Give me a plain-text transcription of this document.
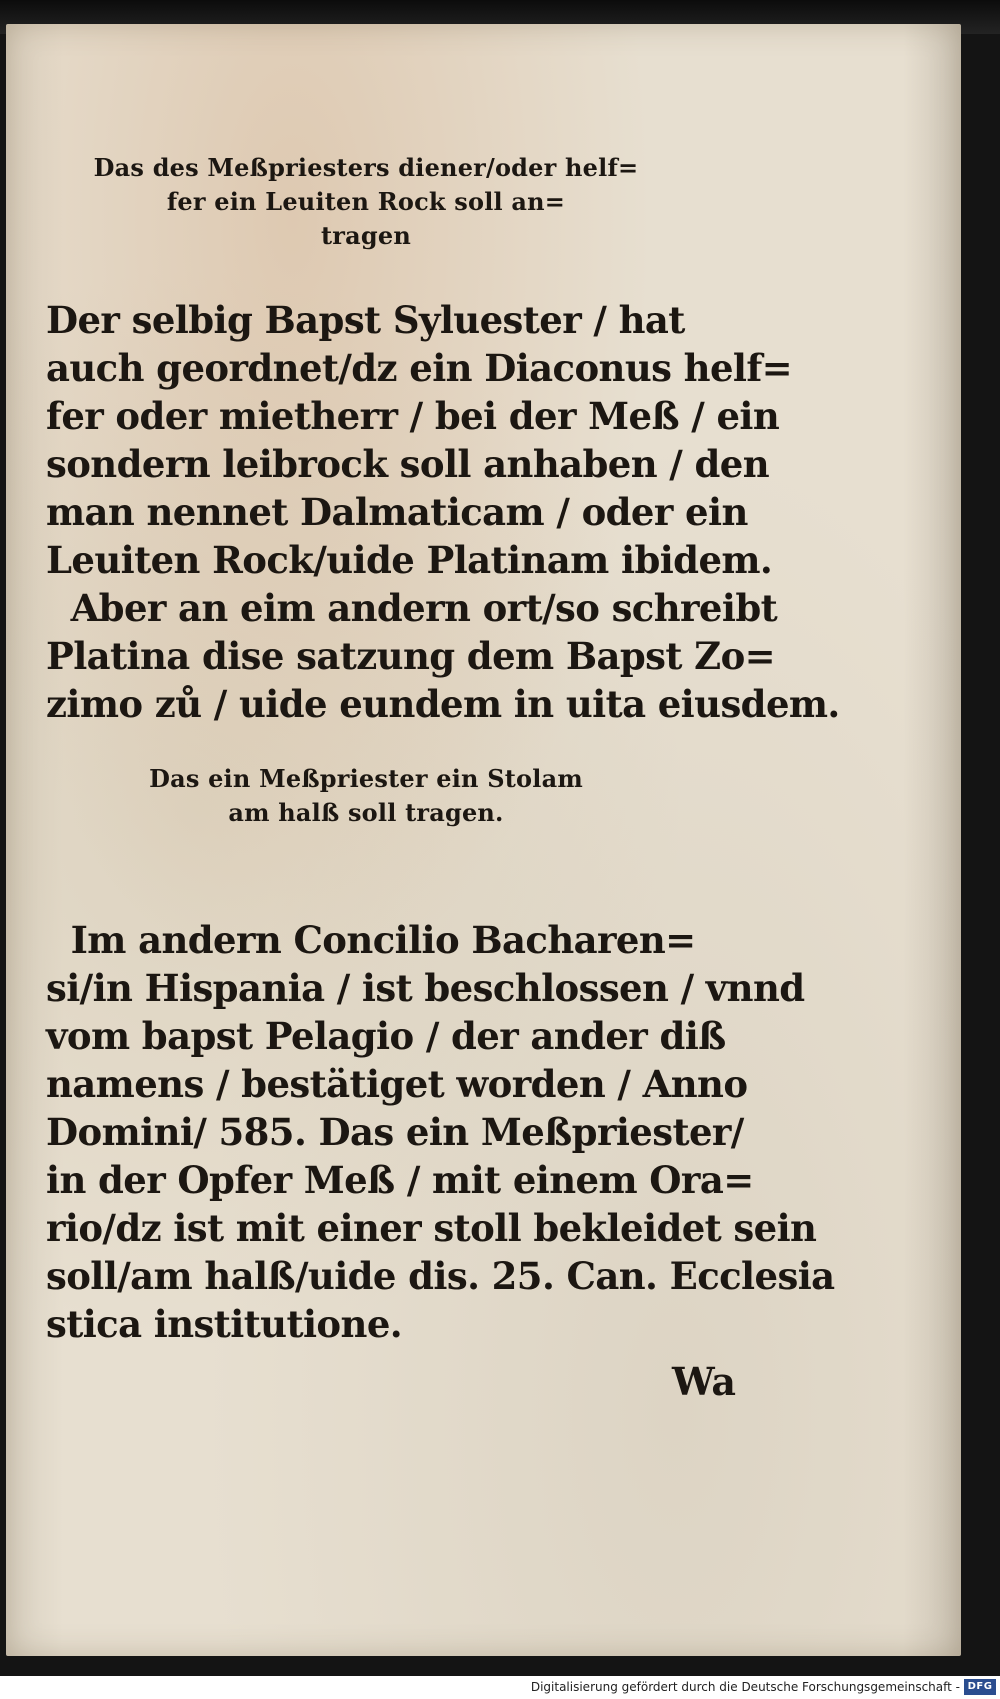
Das des Meßpriesters diener/oder helf=
fer ein Leuiten Rock soll an=
tragen
Der selbig Bapst Syluester / hat
auch geordnet/dz ein Diaconus helf=
fer oder mietherr / bei der Meß / ein
sondern leibrock soll anhaben / den
man nennet Dalmaticam / oder ein
Leuiten Rock/uide Platinam ibidem.
Aber an eim andern ort/so schreibt
Platina dise satzung dem Bapst Zo=
zimo zů / uide eundem in uita eiusdem.
Das ein Meßpriester ein Stolam
am halß soll tragen.
Im andern Concilio Bacharen=
si/in Hispania / ist beschlossen / vnnd
vom bapst Pelagio / der ander diß
namens / bestätiget worden / Anno
Domini/ 585. Das ein Meßpriester/
in der Opfer Meß / mit einem Ora=
rio/dz ist mit einer stoll bekleidet sein
soll/am halß/uide dis. 25. Can. Ecclesia
stica institutione.
Wa
Digitalisierung gefördert durch die Deutsche Forschungsgemeinschaft - DFG
